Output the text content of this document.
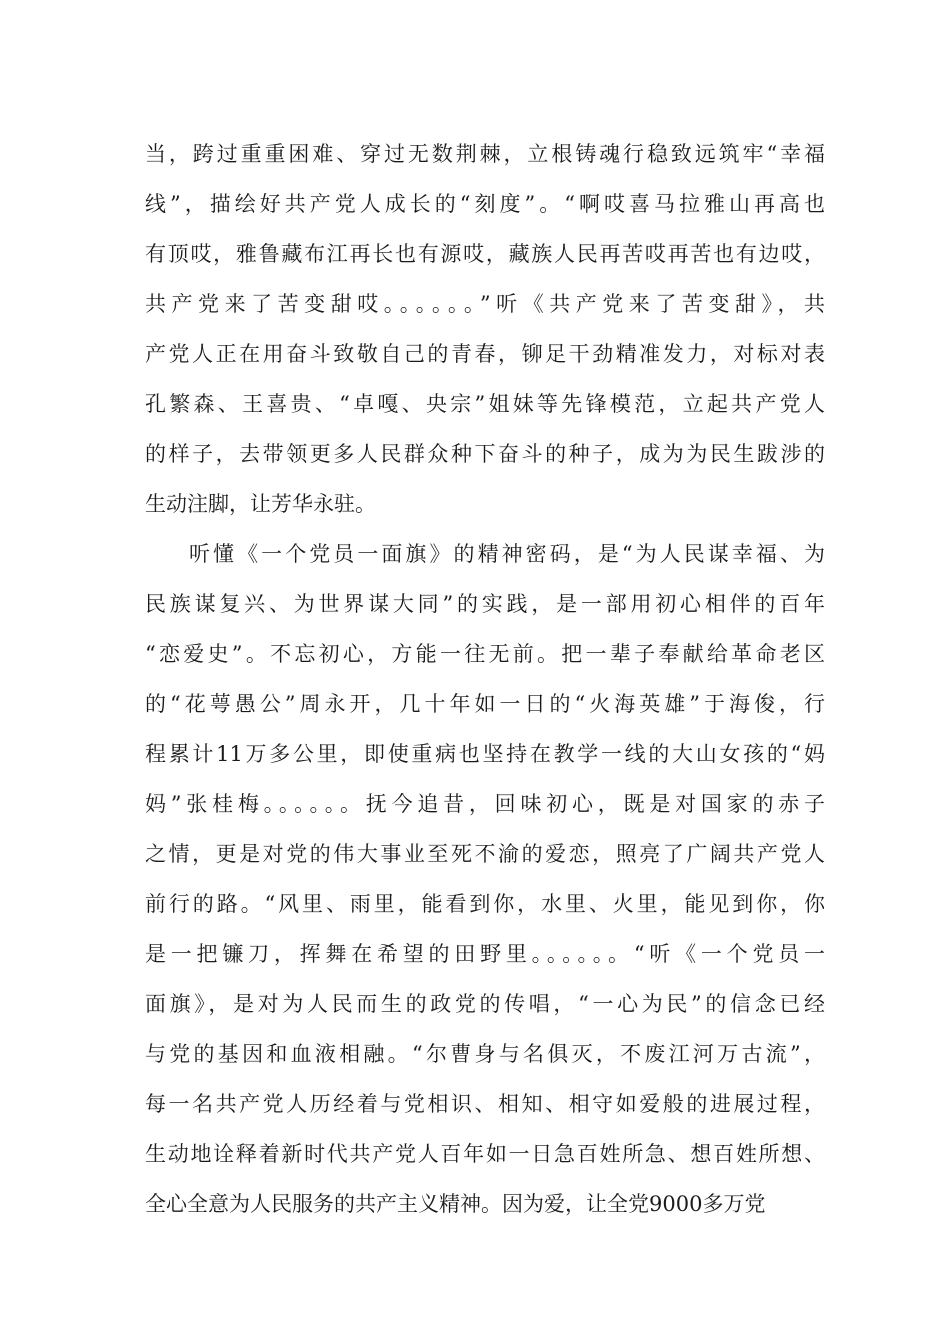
当，跨过重重困难、穿过无数荆棘，立根铸魂行稳致远筑牢“幸福
线”，描绘好共产党人成长的“刻度”。“啊哎喜马拉雅山再高也
有顶哎，雅鲁藏布江再长也有源哎，藏族人民再苦哎再苦也有边哎，
共产党来了苦变甜哎。。。。。。”听《共产党来了苦变甜》，共
产党人正在用奋斗致敬自己的青春，铆足干劲精准发力，对标对表
孔繁森、王喜贵、“卓嘎、央宗”姐妹等先锋模范，立起共产党人
的样子，去带领更多人民群众种下奋斗的种子，成为为民生跋涉的
生动注脚，让芳华永驻。
听懂《一个党员一面旗》的精神密码，是“为人民谋幸福、为
民族谋复兴、为世界谋大同”的实践，是一部用初心相伴的百年
“恋爱史”。不忘初心，方能一往无前。把一辈子奉献给革命老区
的“花萼愚公”周永开，几十年如一日的“火海英雄”于海俊，行
程累计11万多公里，即使重病也坚持在教学一线的大山女孩的“妈
妈”张桂梅。。。。。。抚今追昔，回味初心，既是对国家的赤子
之情，更是对党的伟大事业至死不渝的爱恋，照亮了广阔共产党人
前行的路。“风里、雨里，能看到你，水里、火里，能见到你，你
是一把镰刀，挥舞在希望的田野里。。。。。。“听《一个党员一
面旗》，是对为人民而生的政党的传唱，“一心为民”的信念已经
与党的基因和血液相融。“尔曹身与名俱灭，不废江河万古流”，
每一名共产党人历经着与党相识、相知、相守如爱般的进展过程，
生动地诠释着新时代共产党人百年如一日急百姓所急、想百姓所想、
全心全意为人民服务的共产主义精神。因为爱，让全党9000多万党
